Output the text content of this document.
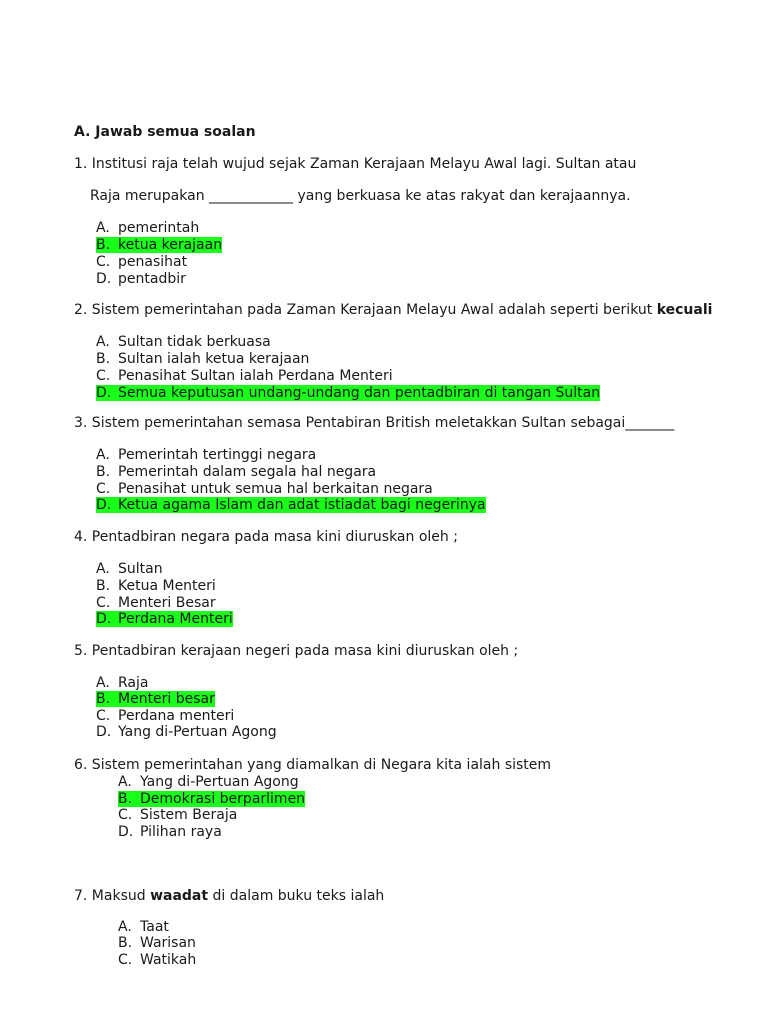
A. Jawab semua soalan
1. Institusi raja telah wujud sejak Zaman Kerajaan Melayu Awal lagi. Sultan atau
Raja merupakan ____________ yang berkuasa ke atas rakyat dan kerajaannya.
A. pemerintah
B. ketua kerajaan
C. penasihat
D. pentadbir
2. Sistem pemerintahan pada Zaman Kerajaan Melayu Awal adalah seperti berikut kecuali
A. Sultan tidak berkuasa
B. Sultan ialah ketua kerajaan
C. Penasihat Sultan ialah Perdana Menteri
D. Semua keputusan undang-undang dan pentadbiran di tangan Sultan
3. Sistem pemerintahan semasa Pentabiran British meletakkan Sultan sebagai_______
A. Pemerintah tertinggi negara
B. Pemerintah dalam segala hal negara
C. Penasihat untuk semua hal berkaitan negara
D. Ketua agama Islam dan adat istiadat bagi negerinya
4. Pentadbiran negara pada masa kini diuruskan oleh ;
A. Sultan
B. Ketua Menteri
C. Menteri Besar
D. Perdana Menteri
5. Pentadbiran kerajaan negeri pada masa kini diuruskan oleh ;
A. Raja
B. Menteri besar
C. Perdana menteri
D. Yang di-Pertuan Agong
6. Sistem pemerintahan yang diamalkan di Negara kita ialah sistem
A. Yang di-Pertuan Agong
B. Demokrasi berparlimen
C. Sistem Beraja
D. Pilihan raya
7. Maksud waadat di dalam buku teks ialah
A. Taat
B. Warisan
C. Watikah
